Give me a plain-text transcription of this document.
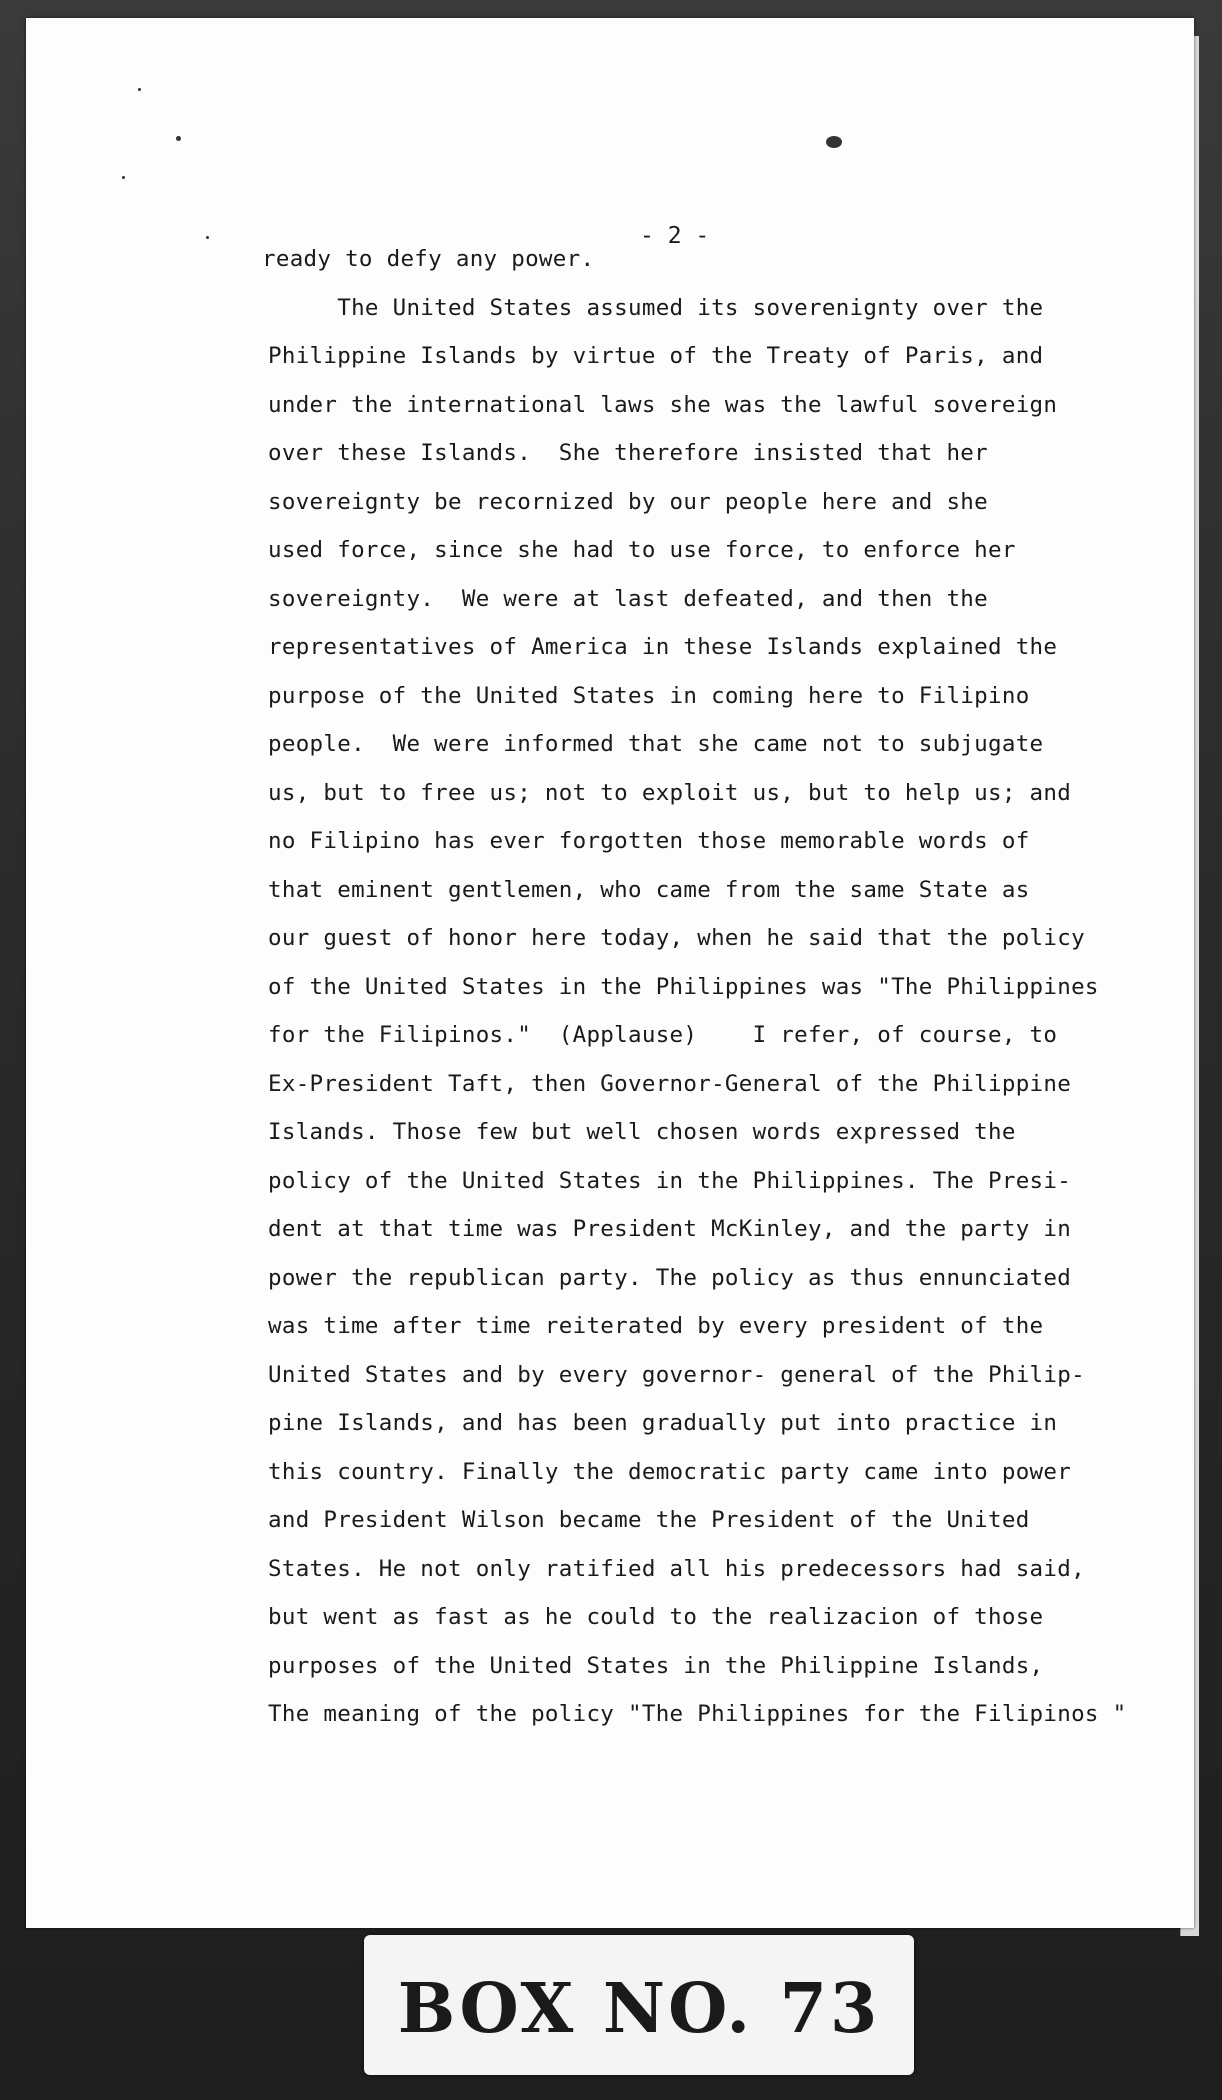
- 2 -
ready to defy any power.
The United States assumed its soverenignty over the
Philippine Islands by virtue of the Treaty of Paris, and
under the international laws she was the lawful sovereign
over these Islands.  She therefore insisted that her
sovereignty be recornized by our people here and she
used force, since she had to use force, to enforce her
sovereignty.  We were at last defeated, and then the
representatives of America in these Islands explained the
purpose of the United States in coming here to Filipino
people.  We were informed that she came not to subjugate
us, but to free us; not to exploit us, but to help us; and
no Filipino has ever forgotten those memorable words of
that eminent gentlemen, who came from the same State as
our guest of honor here today, when he said that the policy
of the United States in the Philippines was "The Philippines
for the Filipinos."  (Applause)    I refer, of course, to
Ex-President Taft, then Governor-General of the Philippine
Islands. Those few but well chosen words expressed the
policy of the United States in the Philippines. The Presi-
dent at that time was President McKinley, and the party in
power the republican party. The policy as thus ennunciated
was time after time reiterated by every president of the
United States and by every governor- general of the Philip-
pine Islands, and has been gradually put into practice in
this country. Finally the democratic party came into power
and President Wilson became the President of the United
States. He not only ratified all his predecessors had said,
but went as fast as he could to the realizacion of those
purposes of the United States in the Philippine Islands,
The meaning of the policy "The Philippines for the Filipinos "
BOX NO. 73
